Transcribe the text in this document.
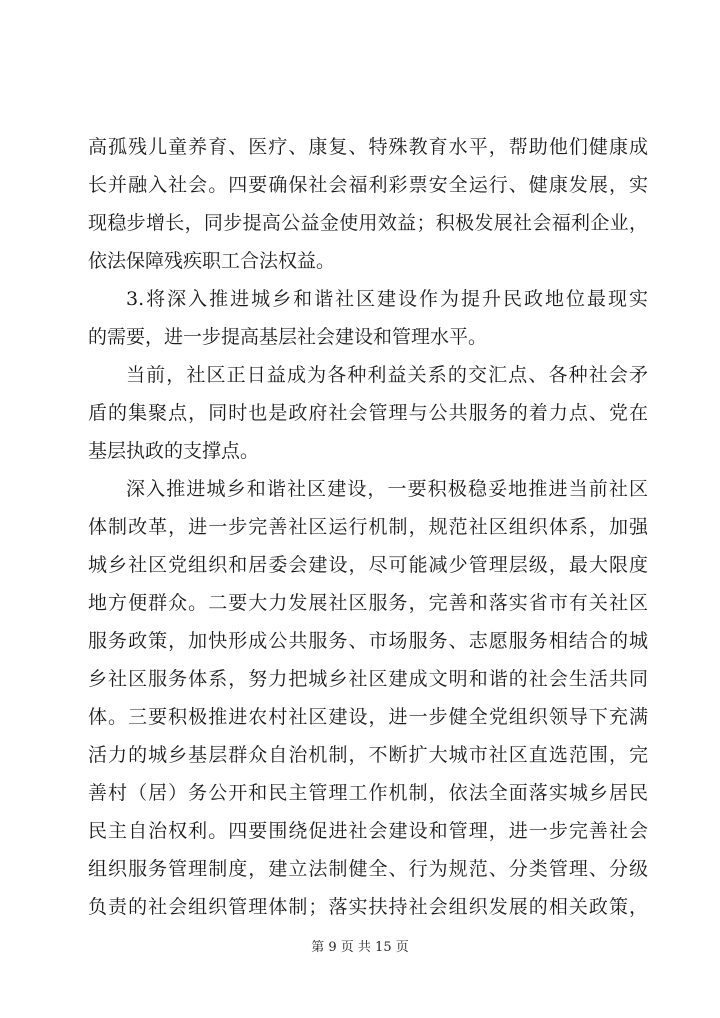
高孤残儿童养育、医疗、康复、特殊教育水平，帮助他们健康成
长并融入社会。四要确保社会福利彩票安全运行、健康发展，实
现稳步增长，同步提高公益金使用效益；积极发展社会福利企业，
依法保障残疾职工合法权益。
3.将深入推进城乡和谐社区建设作为提升民政地位最现实
的需要，进一步提高基层社会建设和管理水平。
当前，社区正日益成为各种利益关系的交汇点、各种社会矛
盾的集聚点，同时也是政府社会管理与公共服务的着力点、党在
基层执政的支撑点。
深入推进城乡和谐社区建设，一要积极稳妥地推进当前社区
体制改革，进一步完善社区运行机制，规范社区组织体系，加强
城乡社区党组织和居委会建设，尽可能减少管理层级，最大限度
地方便群众。二要大力发展社区服务，完善和落实省市有关社区
服务政策，加快形成公共服务、市场服务、志愿服务相结合的城
乡社区服务体系，努力把城乡社区建成文明和谐的社会生活共同
体。三要积极推进农村社区建设，进一步健全党组织领导下充满
活力的城乡基层群众自治机制，不断扩大城市社区直选范围，完
善村（居）务公开和民主管理工作机制，依法全面落实城乡居民
民主自治权利。四要围绕促进社会建设和管理，进一步完善社会
组织服务管理制度，建立法制健全、行为规范、分类管理、分级
负责的社会组织管理体制；落实扶持社会组织发展的相关政策，
第 9 页 共 15 页
